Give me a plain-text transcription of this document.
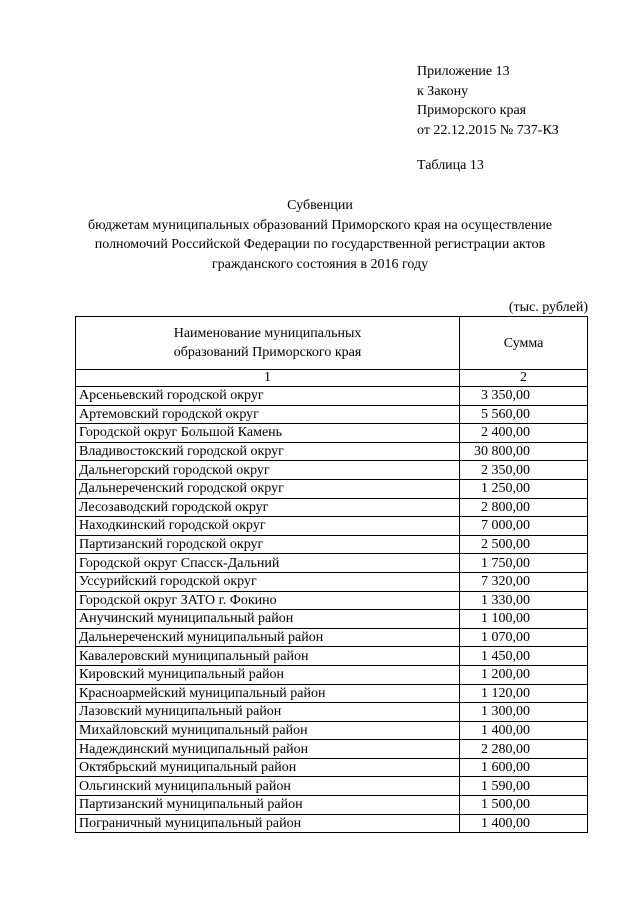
Приложение 13
к Закону
Приморского края
от 22.12.2015 № 737-КЗ
Таблица 13
Субвенции
бюджетам муниципальных образований Приморского края на осуществление
полномочий Российской Федерации по государственной регистрации актов
гражданского состояния в 2016 году
(тыс. рублей)
Наименование муниципальных
образований Приморского края	Сумма
1	2
Арсеньевский городской округ	3 350,00
Артемовский городской округ	5 560,00
Городской округ Большой Камень	2 400,00
Владивостокский городской округ	30 800,00
Дальнегорский городской округ	2 350,00
Дальнереченский городской округ	1 250,00
Лесозаводский городской округ	2 800,00
Находкинский городской округ	7 000,00
Партизанский городской округ	2 500,00
Городской округ Спасск-Дальний	1 750,00
Уссурийский городской округ	7 320,00
Городской округ ЗАТО г. Фокино	1 330,00
Анучинский муниципальный район	1 100,00
Дальнереченский муниципальный район	1 070,00
Кавалеровский муниципальный район	1 450,00
Кировский муниципальный район	1 200,00
Красноармейский муниципальный район	1 120,00
Лазовский муниципальный район	1 300,00
Михайловский муниципальный район	1 400,00
Надеждинский муниципальный район	2 280,00
Октябрьский муниципальный район	1 600,00
Ольгинский муниципальный район	1 590,00
Партизанский муниципальный район	1 500,00
Пограничный муниципальный район	1 400,00
